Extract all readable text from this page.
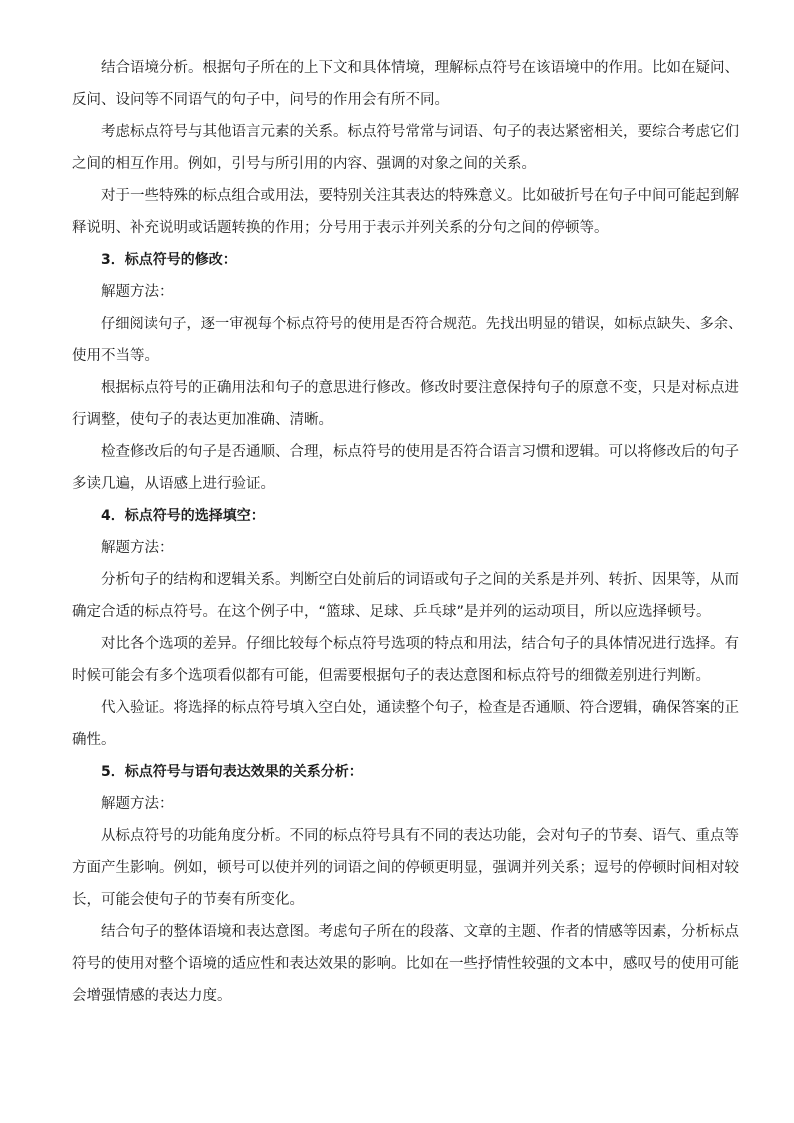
结合语境分析。根据句子所在的上下文和具体情境，理解标点符号在该语境中的作用。比如在疑问、
反问、设问等不同语气的句子中，问号的作用会有所不同。
考虑标点符号与其他语言元素的关系。标点符号常常与词语、句子的表达紧密相关，要综合考虑它们
之间的相互作用。例如，引号与所引用的内容、强调的对象之间的关系。
对于一些特殊的标点组合或用法，要特别关注其表达的特殊意义。比如破折号在句子中间可能起到解
释说明、补充说明或话题转换的作用；分号用于表示并列关系的分句之间的停顿等。
3．标点符号的修改：
解题方法：
仔细阅读句子，逐一审视每个标点符号的使用是否符合规范。先找出明显的错误，如标点缺失、多余、
使用不当等。
根据标点符号的正确用法和句子的意思进行修改。修改时要注意保持句子的原意不变，只是对标点进
行调整，使句子的表达更加准确、清晰。
检查修改后的句子是否通顺、合理，标点符号的使用是否符合语言习惯和逻辑。可以将修改后的句子
多读几遍，从语感上进行验证。
4．标点符号的选择填空：
解题方法：
分析句子的结构和逻辑关系。判断空白处前后的词语或句子之间的关系是并列、转折、因果等，从而
确定合适的标点符号。在这个例子中，“篮球、足球、乒乓球”是并列的运动项目，所以应选择顿号。
对比各个选项的差异。仔细比较每个标点符号选项的特点和用法，结合句子的具体情况进行选择。有
时候可能会有多个选项看似都有可能，但需要根据句子的表达意图和标点符号的细微差别进行判断。
代入验证。将选择的标点符号填入空白处，通读整个句子，检查是否通顺、符合逻辑，确保答案的正
确性。
5．标点符号与语句表达效果的关系分析：
解题方法：
从标点符号的功能角度分析。不同的标点符号具有不同的表达功能，会对句子的节奏、语气、重点等
方面产生影响。例如，顿号可以使并列的词语之间的停顿更明显，强调并列关系；逗号的停顿时间相对较
长，可能会使句子的节奏有所变化。
结合句子的整体语境和表达意图。考虑句子所在的段落、文章的主题、作者的情感等因素，分析标点
符号的使用对整个语境的适应性和表达效果的影响。比如在一些抒情性较强的文本中，感叹号的使用可能
会增强情感的表达力度。
